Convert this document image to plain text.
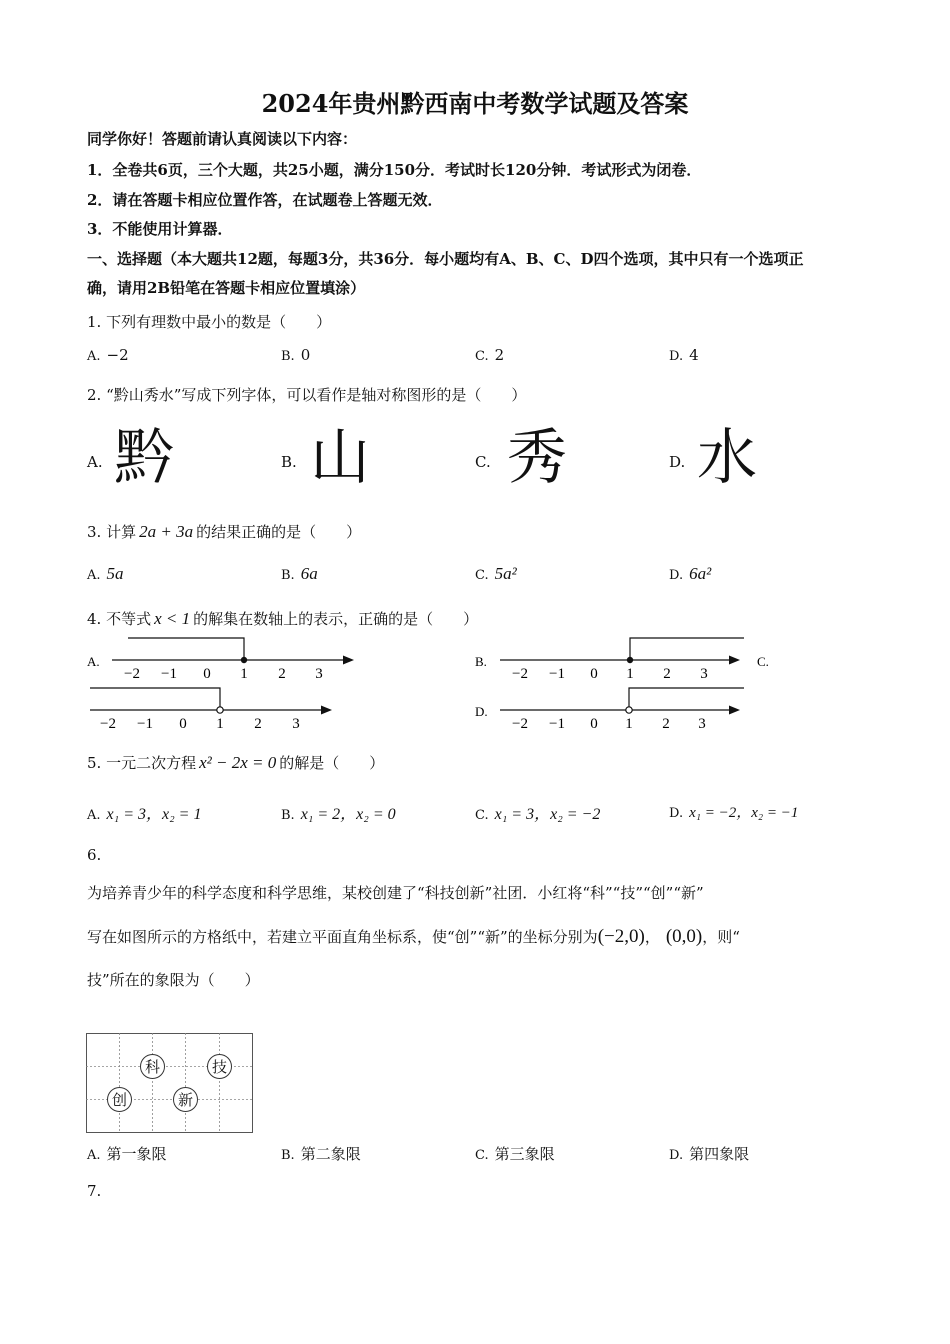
2024年贵州黔西南中考数学试题及答案
同学你好！答题前请认真阅读以下内容：
1．全卷共6页，三个大题，共25小题，满分150分．考试时长120分钟．考试形式为闭卷．
2．请在答题卡相应位置作答，在试题卷上答题无效．
3．不能使用计算器．
一、选择题（本大题共12题，每题3分，共36分．每小题均有A、B、C、D四个选项，其中只有一个选项正
确，请用2B铅笔在答题卡相应位置填涂）
1. 下列有理数中最小的数是（　　）
A. −2	B. 0	C. 2	D. 4
2. “黔山秀水”写成下列字体，可以看作是轴对称图形的是（　　）
A. 黔	B. 山	C. 秀	D. 水
3. 计算 2a + 3a 的结果正确的是（　　）
A. 5a	B. 6a	C. 5a²	D. 6a²
4. 不等式 x < 1 的解集在数轴上的表示，正确的是（　　）
A.
−2 −1 0 1 2 3
B.
−2 −1 0 1 2 3
C.
−2 −1 0 1 2 3
D.
−2 −1 0 1 2 3
5. 一元二次方程 x² − 2x = 0 的解是（　　）
A. x₁ = 3，x₂ = 1	B. x₁ = 2，x₂ = 0	C. x₁ = 3，x₂ = −2	D. x₁ = −2，x₂ = −1
6.
为培养青少年的科学态度和科学思维，某校创建了“科技创新”社团．小红将“科”“技”“创”“新”
写在如图所示的方格纸中，若建立平面直角坐标系，使“创”“新”的坐标分别为(−2,0)， (0,0)，则“
技”所在的象限为（　　）
科	技
创	新
A. 第一象限	B. 第二象限	C. 第三象限	D. 第四象限
7.
